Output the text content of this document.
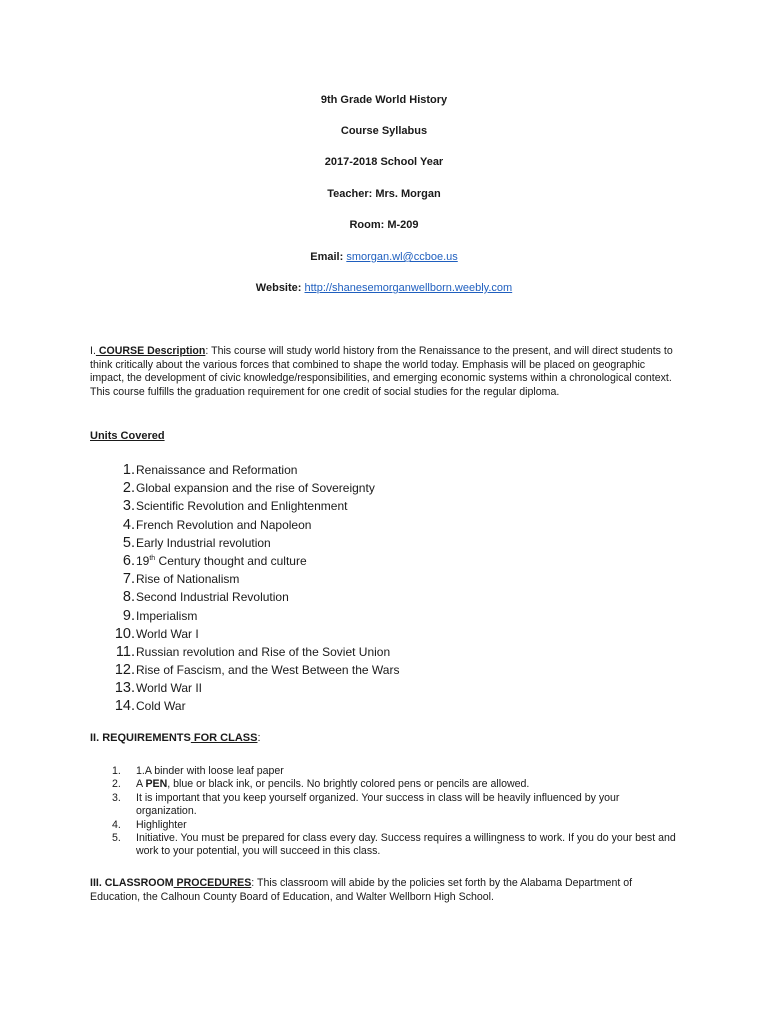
9th Grade World History
Course Syllabus
2017-2018 School Year
Teacher: Mrs. Morgan
Room: M-209
Email: smorgan.wl@ccboe.us
Website: http://shanesemorganwellborn.weebly.com
I. COURSE Description: This course will study world history from the Renaissance to the present, and will direct students to think critically about the various forces that combined to shape the world today. Emphasis will be placed on geographic impact, the development of civic knowledge/responsibilities, and emerging economic systems within a chronological context. This course fulfills the graduation requirement for one credit of social studies for the regular diploma.
Units Covered
1.Renaissance and Reformation
2.Global expansion and the rise of Sovereignty
3.Scientific Revolution and Enlightenment
4.French Revolution and Napoleon
5.Early Industrial revolution
6.19th Century thought and culture
7.Rise of Nationalism
8.Second Industrial Revolution
9.Imperialism
10.World War I
11.Russian revolution and Rise of the Soviet Union
12.Rise of Fascism, and the West Between the Wars
13.World War II
14.Cold War
II. REQUIREMENTS FOR CLASS:
1. 1.A binder with loose leaf paper
2. A PEN, blue or black ink, or pencils. No brightly colored pens or pencils are allowed.
3. It is important that you keep yourself organized. Your success in class will be heavily influenced by your organization.
4. Highlighter
5. Initiative. You must be prepared for class every day. Success requires a willingness to work. If you do your best and work to your potential, you will succeed in this class.
III. CLASSROOM PROCEDURES: This classroom will abide by the policies set forth by the Alabama Department of Education, the Calhoun County Board of Education, and Walter Wellborn High School.
